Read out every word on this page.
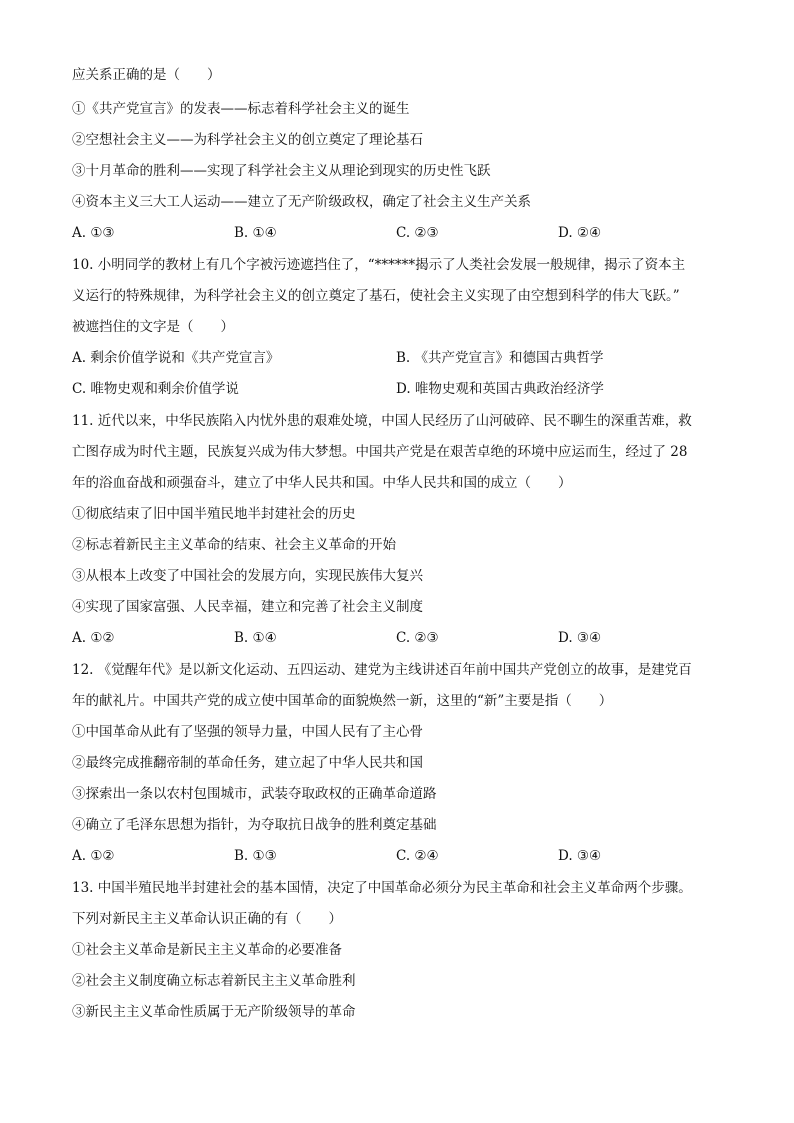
应关系正确的是（　　）
①《共产党宣言》的发表——标志着科学社会主义的诞生
②空想社会主义——为科学社会主义的创立奠定了理论基石
③十月革命的胜利——实现了科学社会主义从理论到现实的历史性飞跃
④资本主义三大工人运动——建立了无产阶级政权，确定了社会主义生产关系
A. ①③	B. ①④	C. ②③	D. ②④
10. 小明同学的教材上有几个字被污迹遮挡住了，“******揭示了人类社会发展一般规律，揭示了资本主
义运行的特殊规律，为科学社会主义的创立奠定了基石，使社会主义实现了由空想到科学的伟大飞跃。”
被遮挡住的文字是（　　）
A. 剩余价值学说和《共产党宣言》	B. 《共产党宣言》和德国古典哲学
C. 唯物史观和剩余价值学说	D. 唯物史观和英国古典政治经济学
11. 近代以来，中华民族陷入内忧外患的艰难处境，中国人民经历了山河破碎、民不聊生的深重苦难，救
亡图存成为时代主题，民族复兴成为伟大梦想。中国共产党是在艰苦卓绝的环境中应运而生，经过了 28
年的浴血奋战和顽强奋斗，建立了中华人民共和国。中华人民共和国的成立（　　）
①彻底结束了旧中国半殖民地半封建社会的历史
②标志着新民主主义革命的结束、社会主义革命的开始
③从根本上改变了中国社会的发展方向，实现民族伟大复兴
④实现了国家富强、人民幸福，建立和完善了社会主义制度
A. ①②	B. ①④	C. ②③	D. ③④
12. 《觉醒年代》是以新文化运动、五四运动、建党为主线讲述百年前中国共产党创立的故事，是建党百
年的献礼片。中国共产党的成立使中国革命的面貌焕然一新，这里的“新”主要是指（　　）
①中国革命从此有了坚强的领导力量，中国人民有了主心骨
②最终完成推翻帝制的革命任务，建立起了中华人民共和国
③探索出一条以农村包围城市，武装夺取政权的正确革命道路
④确立了毛泽东思想为指针，为夺取抗日战争的胜利奠定基础
A. ①②	B. ①③	C. ②④	D. ③④
13. 中国半殖民地半封建社会的基本国情，决定了中国革命必须分为民主革命和社会主义革命两个步骤。
下列对新民主主义革命认识正确的有（　　）
①社会主义革命是新民主主义革命的必要准备
②社会主义制度确立标志着新民主主义革命胜利
③新民主主义革命性质属于无产阶级领导的革命
